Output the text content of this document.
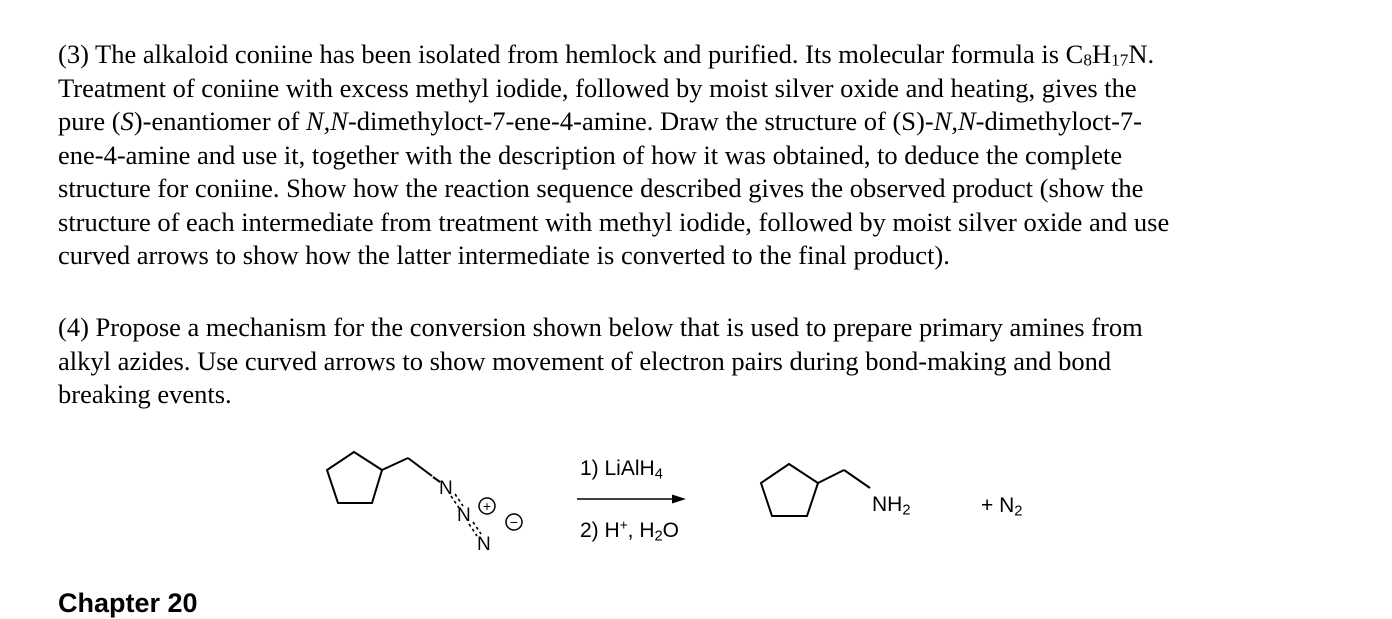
(3) The alkaloid coniine has been isolated from hemlock and purified. Its molecular formula is $C_8H_{17}N$.
Treatment of coniine with excess methyl iodide, followed by moist silver oxide and heating, gives the
pure (S)-enantiomer of N,N-dimethyloct-7-ene-4-amine. Draw the structure of (S)-N,N-dimethyloct-7-
ene-4-amine and use it, together with the description of how it was obtained, to deduce the complete
structure for coniine. Show how the reaction sequence described gives the observed product (show the
structure of each intermediate from treatment with methyl iodide, followed by moist silver oxide and use
curved arrows to show how the latter intermediate is converted to the final product).
(4) Propose a mechanism for the conversion shown below that is used to prepare primary amines from
alkyl azides. Use curved arrows to show movement of electron pairs during bond-making and bond
breaking events.
N
N
N
+
−
1) LiAlH$_4$
2) H+, $H_2O$
$NH_2$	+ $N_2$
Chapter 20
